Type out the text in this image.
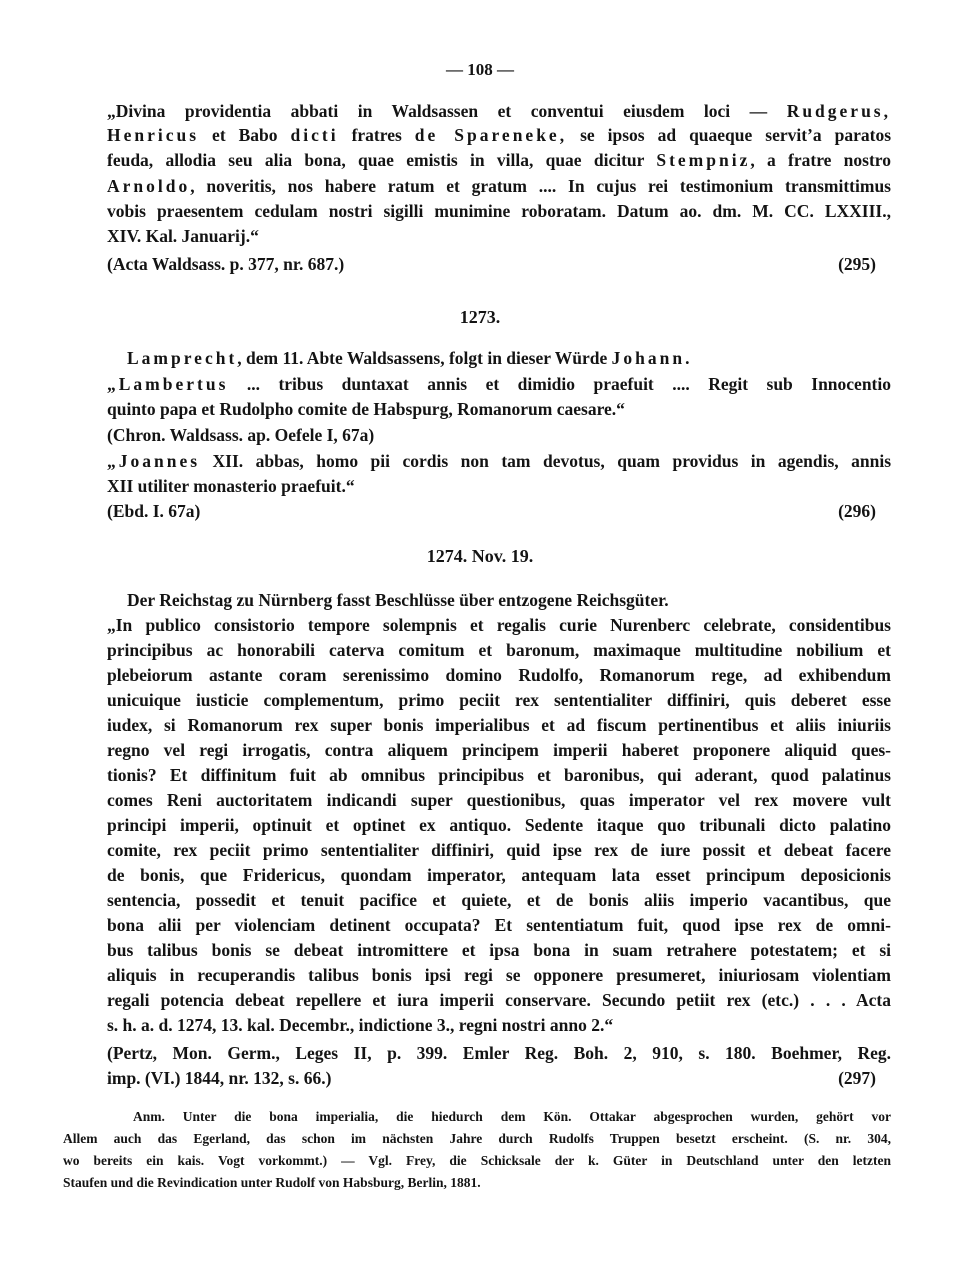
— 108 —
„Divina providentia abbati in Waldsassen et conventui eiusdem loci — Rudgerus,
Henricus et Babo dicti fratres de Spareneke, se ipsos ad quaeque servit’a paratos
feuda, allodia seu alia bona, quae emistis in villa, quae dicitur Stempniz, a fratre nostro
Arnoldo, noveritis, nos habere ratum et gratum .... In cujus rei testimonium transmittimus
vobis praesentem cedulam nostri sigilli munimine roboratam. Datum ao. dm. M. CC. LXXIII.,
XIV. Kal. Januarij.“
(Acta Waldsass. p. 377, nr. 687.)	(295)
1273.
Lamprecht, dem 11. Abte Waldsassens, folgt in dieser Würde Johann.
„Lambertus ... tribus duntaxat annis et dimidio praefuit .... Regit sub Innocentio
quinto papa et Rudolpho comite de Habspurg, Romanorum caesare.“
(Chron. Waldsass. ap. Oefele I, 67a)
„Joannes XII. abbas, homo pii cordis non tam devotus, quam providus in agendis, annis
XII utiliter monasterio praefuit.“
(Ebd. I. 67a)	(296)
1274. Nov. 19.
Der Reichstag zu Nürnberg fasst Beschlüsse über entzogene Reichsgüter.
„In publico consistorio tempore solempnis et regalis curie Nurenberc celebrate, considentibus
principibus ac honorabili caterva comitum et baronum, maximaque multitudine nobilium et
plebeiorum astante coram serenissimo domino Rudolfo, Romanorum rege, ad exhibendum
unicuique iusticie complementum, primo peciit rex sententialiter diffiniri, quis deberet esse
iudex, si Romanorum rex super bonis imperialibus et ad fiscum pertinentibus et aliis iniuriis
regno vel regi irrogatis, contra aliquem principem imperii haberet proponere aliquid ques-
tionis? Et diffinitum fuit ab omnibus principibus et baronibus, qui aderant, quod palatinus
comes Reni auctoritatem indicandi super questionibus, quas imperator vel rex movere vult
principi imperii, optinuit et optinet ex antiquo. Sedente itaque quo tribunali dicto palatino
comite, rex peciit primo sententialiter diffiniri, quid ipse rex de iure possit et debeat facere
de bonis, que Fridericus, quondam imperator, antequam lata esset principum deposicionis
sentencia, possedit et tenuit pacifice et quiete, et de bonis aliis imperio vacantibus, que
bona alii per violenciam detinent occupata? Et sententiatum fuit, quod ipse rex de omni-
bus talibus bonis se debeat intromittere et ipsa bona in suam retrahere potestatem; et si
aliquis in recuperandis talibus bonis ipsi regi se opponere presumeret, iniuriosam violentiam
regali potencia debeat repellere et iura imperii conservare. Secundo petiit rex (etc.) . . . Acta
s. h. a. d. 1274, 13. kal. Decembr., indictione 3., regni nostri anno 2.“
(Pertz, Mon. Germ., Leges II, p. 399. Emler Reg. Boh. 2, 910, s. 180. Boehmer, Reg.
imp. (VI.) 1844, nr. 132, s. 66.)	(297)
Anm. Unter die bona imperialia, die hiedurch dem Kön. Ottakar abgesprochen wurden, gehört vor
Allem auch das Egerland, das schon im nächsten Jahre durch Rudolfs Truppen besetzt erscheint. (S. nr. 304,
wo bereits ein kais. Vogt vorkommt.) — Vgl. Frey, die Schicksale der k. Güter in Deutschland unter den letzten
Staufen und die Revindication unter Rudolf von Habsburg, Berlin, 1881.
